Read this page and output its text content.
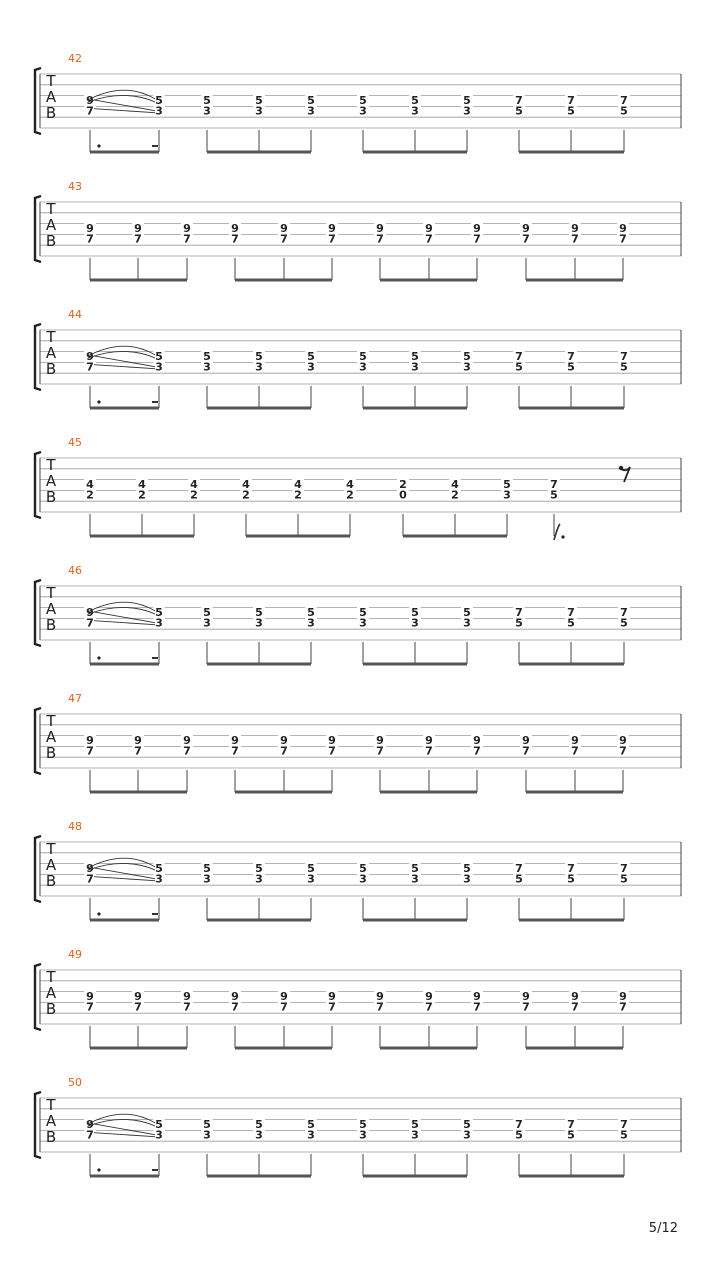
42
T
A
B
9
7
5
3
5
3
5
3
5
3
5
3
5
3
5
3
7
5
7
5
7
5
43
T
A
B
9
7
9
7
9
7
9
7
9
7
9
7
9
7
9
7
9
7
9
7
9
7
9
7
44
T
A
B
9
7
5
3
5
3
5
3
5
3
5
3
5
3
5
3
7
5
7
5
7
5
45
T
A
B
4
2
4
2
4
2
4
2
4
2
4
2
2
0
4
2
5
3
7
5
46
T
A
B
9
7
5
3
5
3
5
3
5
3
5
3
5
3
5
3
7
5
7
5
7
5
47
T
A
B
9
7
9
7
9
7
9
7
9
7
9
7
9
7
9
7
9
7
9
7
9
7
9
7
48
T
A
B
9
7
5
3
5
3
5
3
5
3
5
3
5
3
5
3
7
5
7
5
7
5
49
T
A
B
9
7
9
7
9
7
9
7
9
7
9
7
9
7
9
7
9
7
9
7
9
7
9
7
50
T
A
B
9
7
5
3
5
3
5
3
5
3
5
3
5
3
5
3
7
5
7
5
7
5
5/12
